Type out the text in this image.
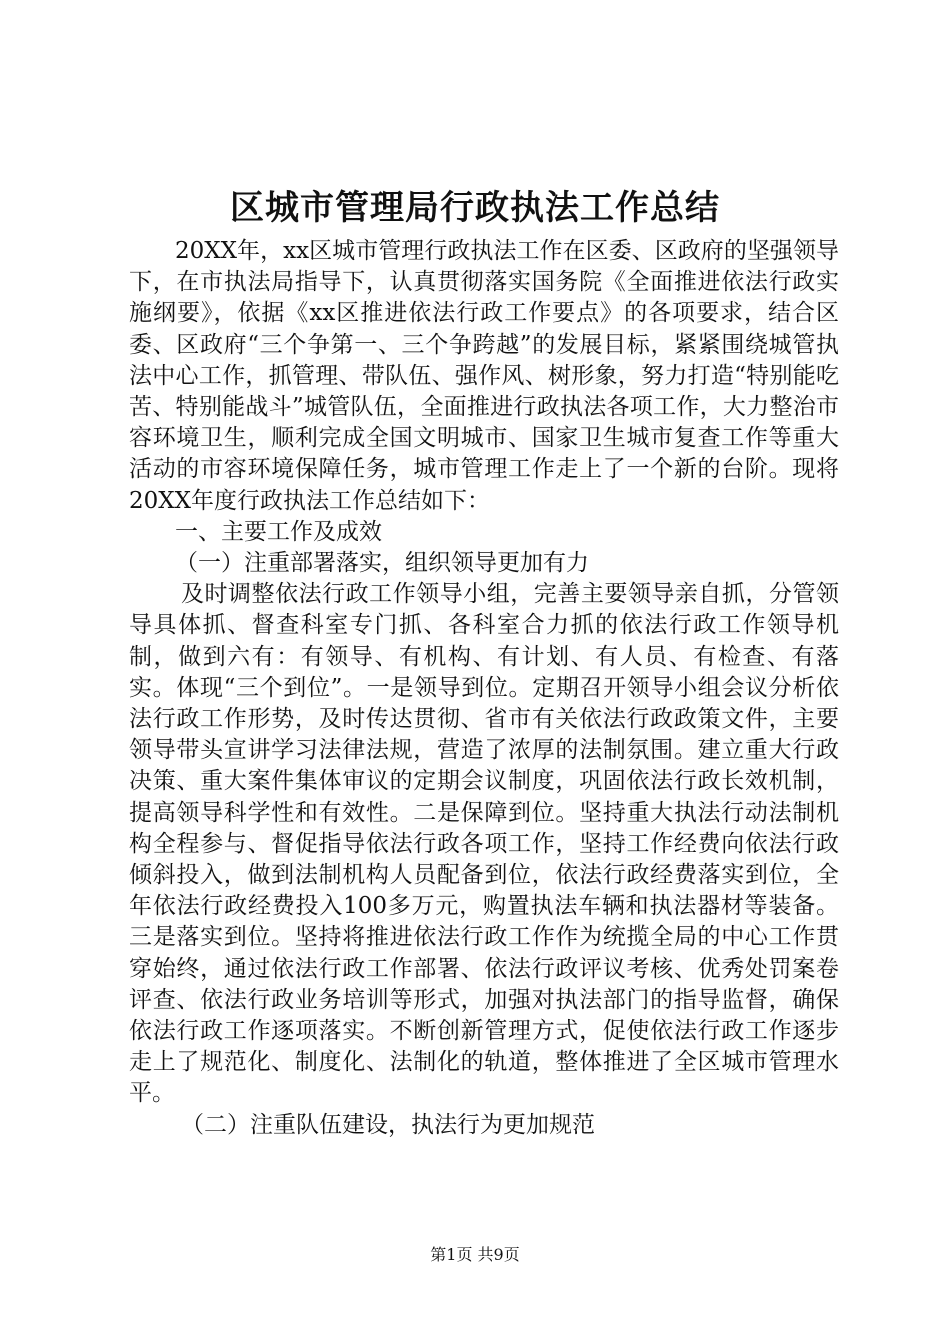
区城市管理局行政执法工作总结

20XX年，xx区城市管理行政执法工作在区委、区政府的坚强领导下，在市执法局指导下，认真贯彻落实国务院《全面推进依法行政实施纲要》，依据《xx区推进依法行政工作要点》的各项要求，结合区委、区政府“三个争第一、三个争跨越”的发展目标，紧紧围绕城管执法中心工作，抓管理、带队伍、强作风、树形象，努力打造“特别能吃苦、特别能战斗”城管队伍，全面推进行政执法各项工作，大力整治市容环境卫生，顺利完成全国文明城市、国家卫生城市复查工作等重大活动的市容环境保障任务，城市管理工作走上了一个新的台阶。现将20XX年度行政执法工作总结如下：

一、主要工作及成效

（一）注重部署落实，组织领导更加有力

及时调整依法行政工作领导小组，完善主要领导亲自抓，分管领导具体抓、督查科室专门抓、各科室合力抓的依法行政工作领导机制，做到六有：有领导、有机构、有计划、有人员、有检查、有落实。体现“三个到位”。一是领导到位。定期召开领导小组会议分析依法行政工作形势，及时传达贯彻、省市有关依法行政政策文件，主要领导带头宣讲学习法律法规，营造了浓厚的法制氛围。建立重大行政决策、重大案件集体审议的定期会议制度，巩固依法行政长效机制，提高领导科学性和有效性。二是保障到位。坚持重大执法行动法制机构全程参与、督促指导依法行政各项工作，坚持工作经费向依法行政倾斜投入，做到法制机构人员配备到位，依法行政经费落实到位，全年依法行政经费投入100多万元，购置执法车辆和执法器材等装备。三是落实到位。坚持将推进依法行政工作作为统揽全局的中心工作贯穿始终，通过依法行政工作部署、依法行政评议考核、优秀处罚案卷评查、依法行政业务培训等形式，加强对执法部门的指导监督，确保依法行政工作逐项落实。不断创新管理方式，促使依法行政工作逐步走上了规范化、制度化、法制化的轨道，整体推进了全区城市管理水平。

（二）注重队伍建设，执法行为更加规范

第1页 共9页
